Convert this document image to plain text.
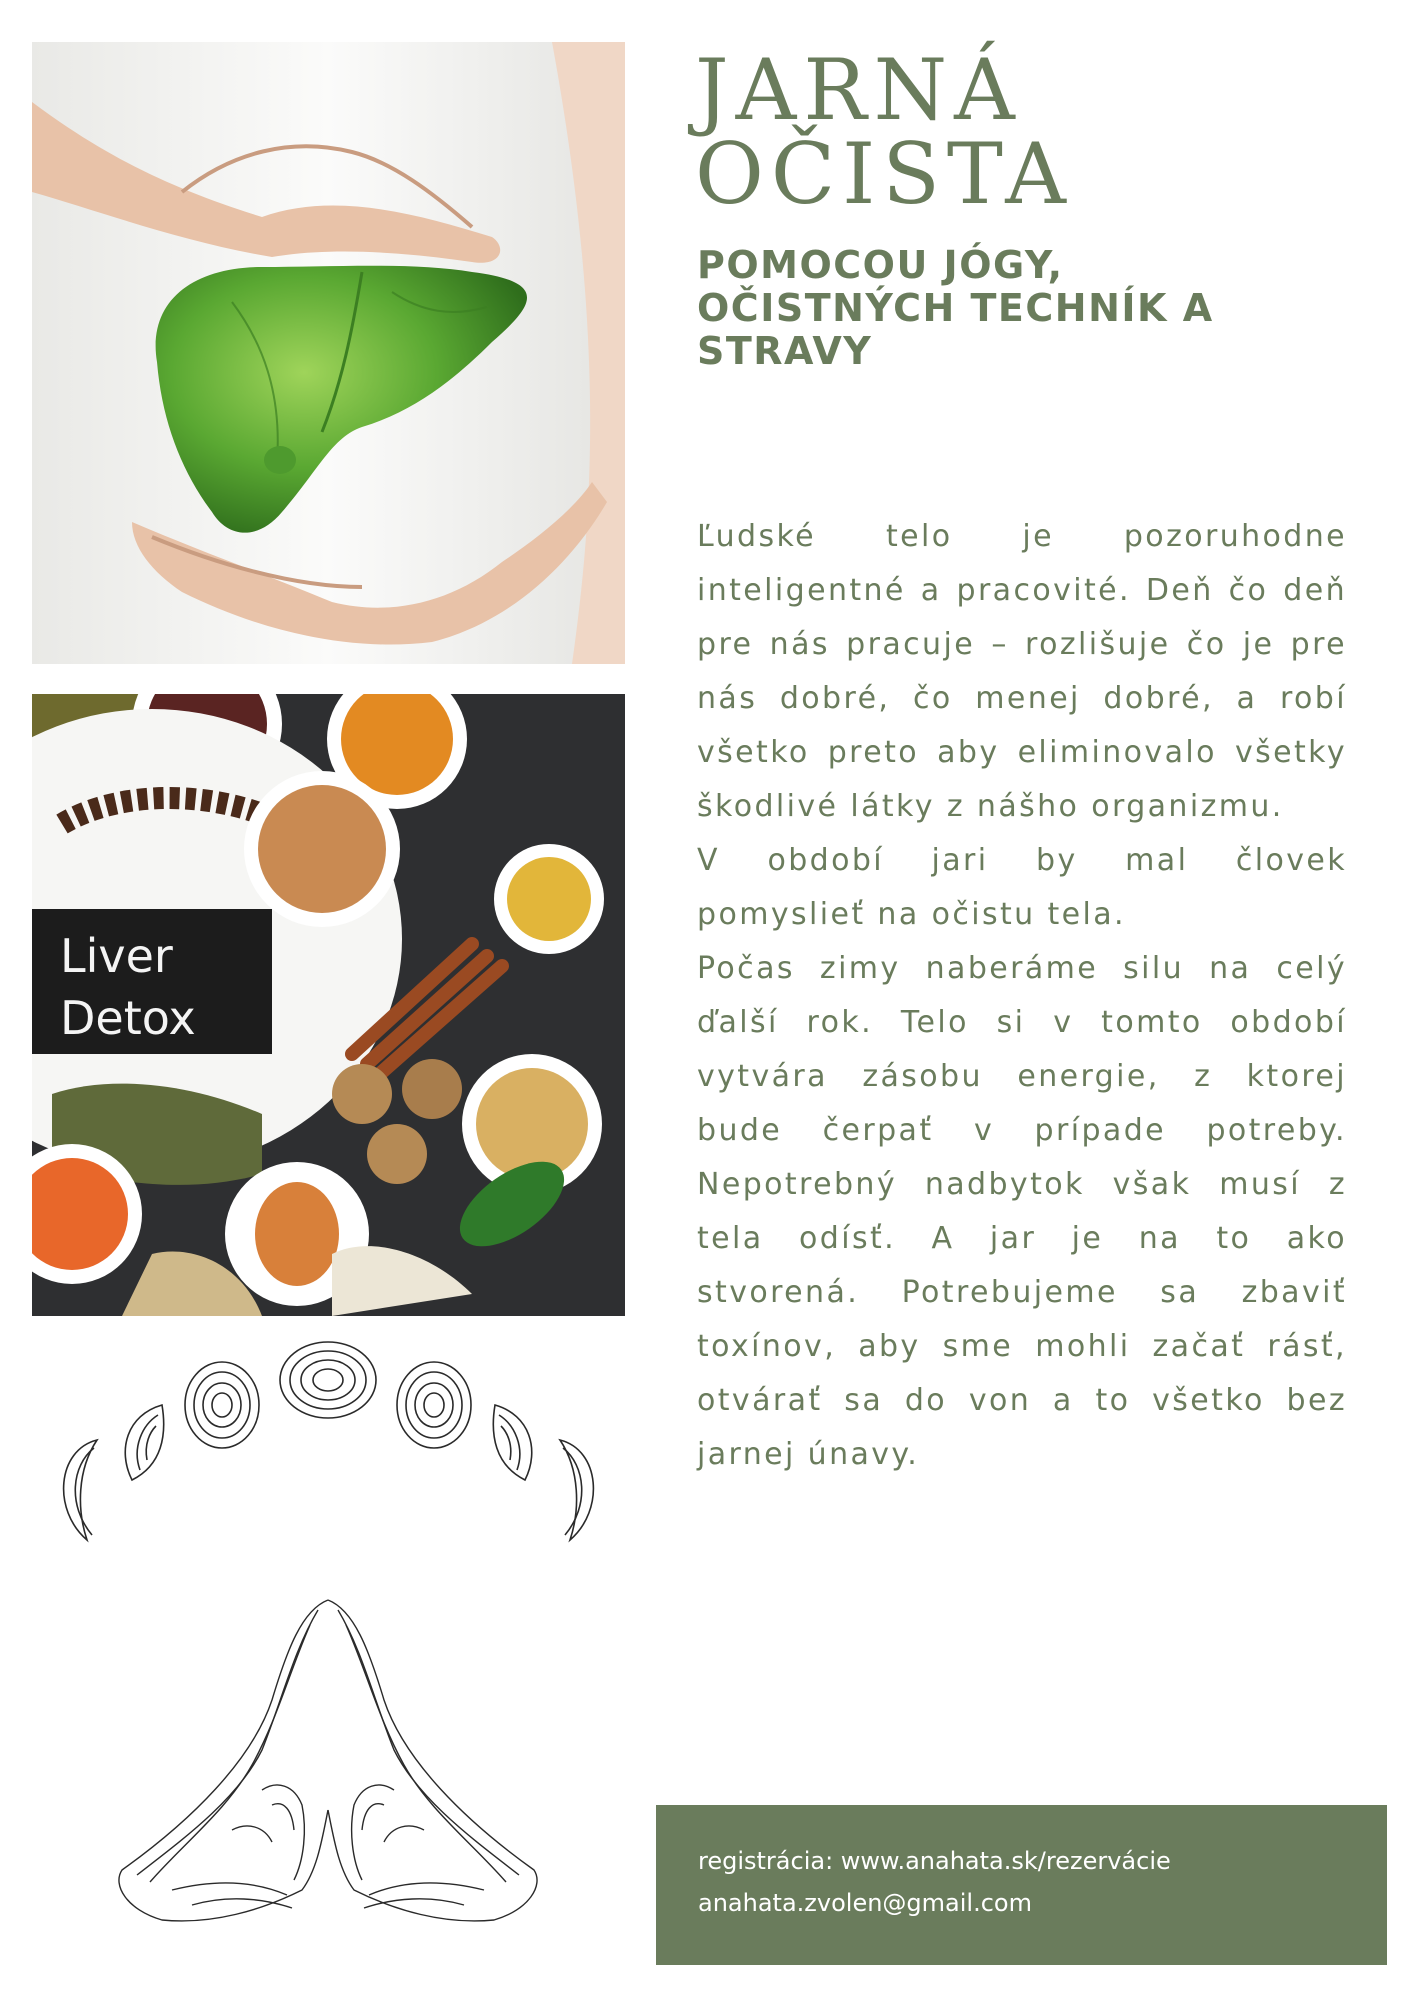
Liver
Detox
JARNÁ
OČISTA
POMOCOU JÓGY,
OČISTNÝCH TECHNÍK A
STRAVY

Ľudské telo je pozoruhodne inteligentné a pracovité. Deň čo deň pre nás pracuje – rozlišuje čo je pre nás dobré, čo menej dobré, a robí všetko preto aby eliminovalo všetky škodlivé látky z nášho organizmu.

V období jari by mal človek pomyslieť na očistu tela.

Počas zimy naberáme silu na celý ďalší rok. Telo si v tomto období vytvára zásobu energie, z ktorej bude čerpať v prípade potreby. Nepotrebný nadbytok však musí z tela odísť. A jar je na to ako stvorená. Potrebujeme sa zbaviť toxínov, aby sme mohli začať rásť, otvárať sa do von a to všetko bez jarnej únavy.

registrácia: www.anahata.sk/rezervácie
anahata.zvolen@gmail.com
